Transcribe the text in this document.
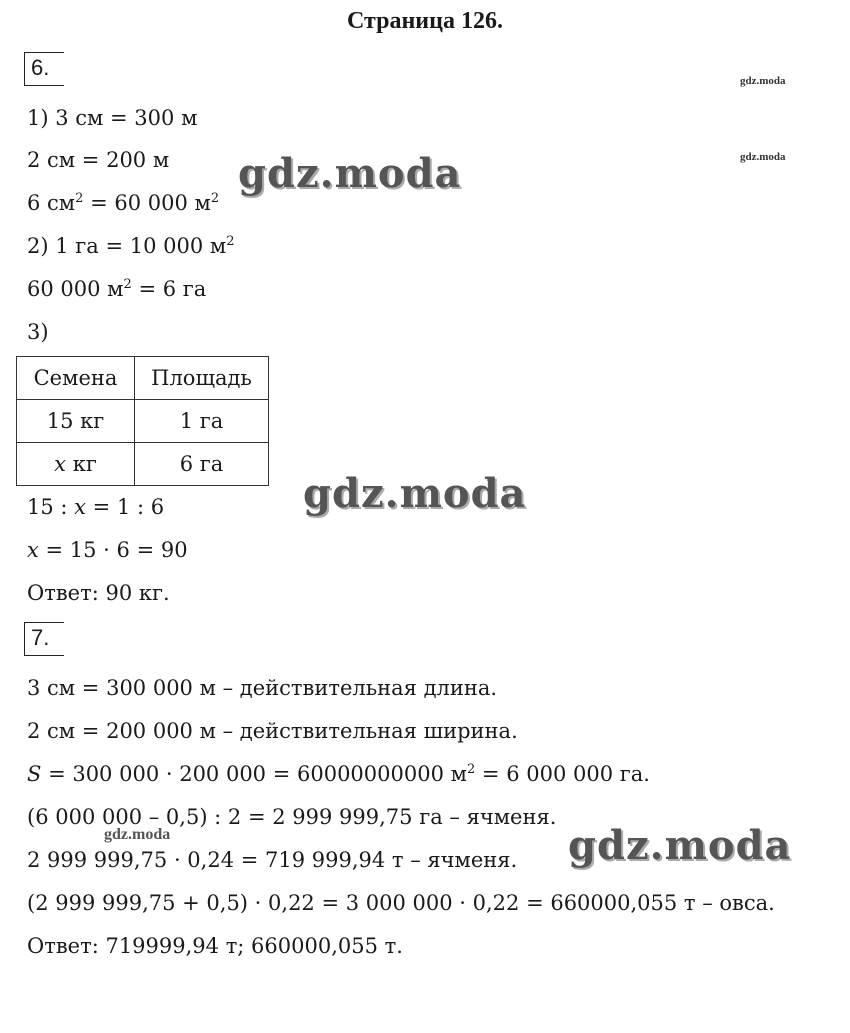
Страница 126.
6.
1) 3 см = 300 м
2 см = 200 м
6 $см^2 = 60$ 000 $м^2$
2) 1 га = 10 000 $м^2$
60 000 $м^2 = 6$ га
3)
Семена	Площадь
15 кг	1 га
x кг	6 га
15 : x = 1 : 6
x = 15 · 6 = 90
Ответ: 90 кг.
7.
3 см = 300 000 м – действительная длина.
2 см = 200 000 м – действительная ширина.
S = 300 000 · 200 000 = 60000000000 $м^2 = 6$ 000 000 га.
(6 000 000 – 0,5) : 2 = 2 999 999,75 га – ячменя.
2 999 999,75 · 0,24 = 719 999,94 т – ячменя.
(2 999 999,75 + 0,5) · 0,22 = 3 000 000 · 0,22 = 660000,055 т – овса.
Ответ: 719999,94 т; 660000,055 т.
gdz.moda
gdz.moda
gdz.moda
gdz.moda
gdz.moda
gdz.moda
